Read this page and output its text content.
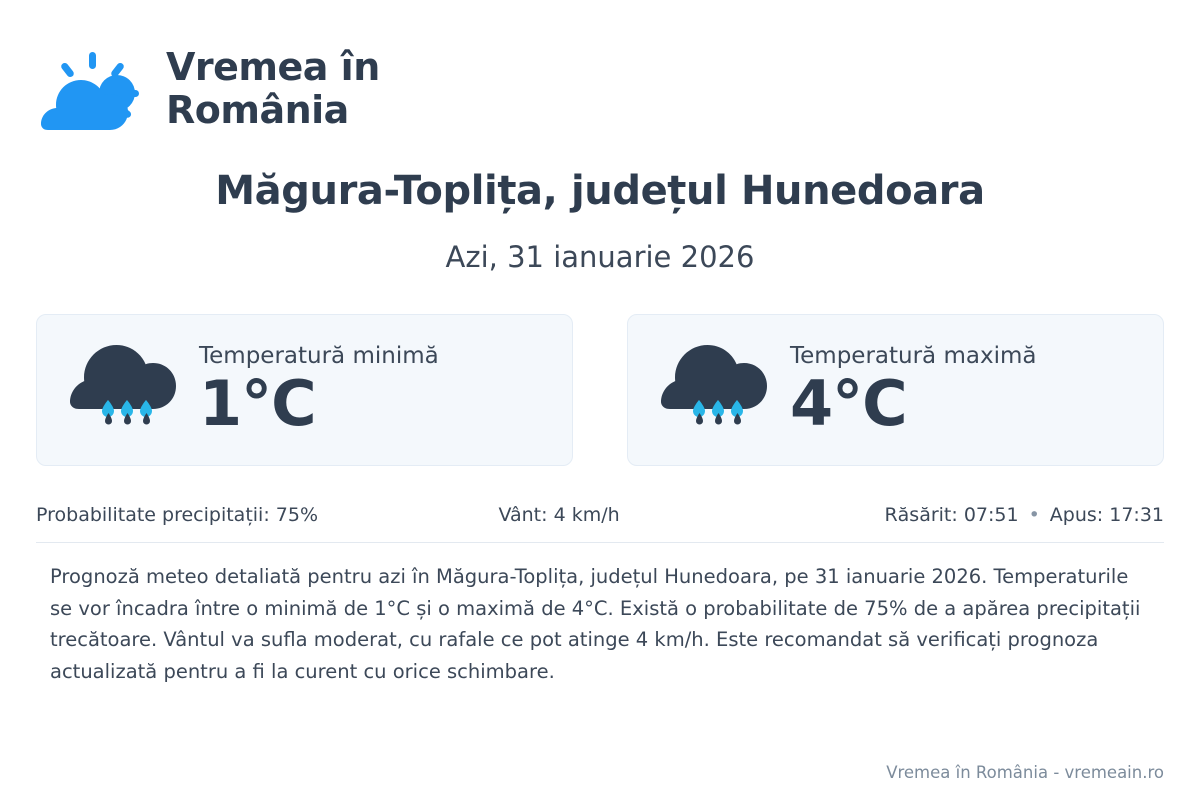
Vremea în România
Măgura-Toplița, județul Hunedoara
Azi, 31 ianuarie 2026
Temperatură minimă
1°C
Temperatură maximă
4°C
Probabilitate precipitații: 75%	Vânt: 4 km/h	Răsărit: 07:51 • Apus: 17:31
Prognoză meteo detaliată pentru azi în Măgura-Toplița, județul Hunedoara, pe 31 ianuarie 2026. Temperaturile se vor încadra între o minimă de 1°C și o maximă de 4°C. Există o probabilitate de 75% de a apărea precipitații trecătoare. Vântul va sufla moderat, cu rafale ce pot atinge 4 km/h. Este recomandat să verificați prognoza actualizată pentru a fi la curent cu orice schimbare.
Vremea în România - vremeain.ro
